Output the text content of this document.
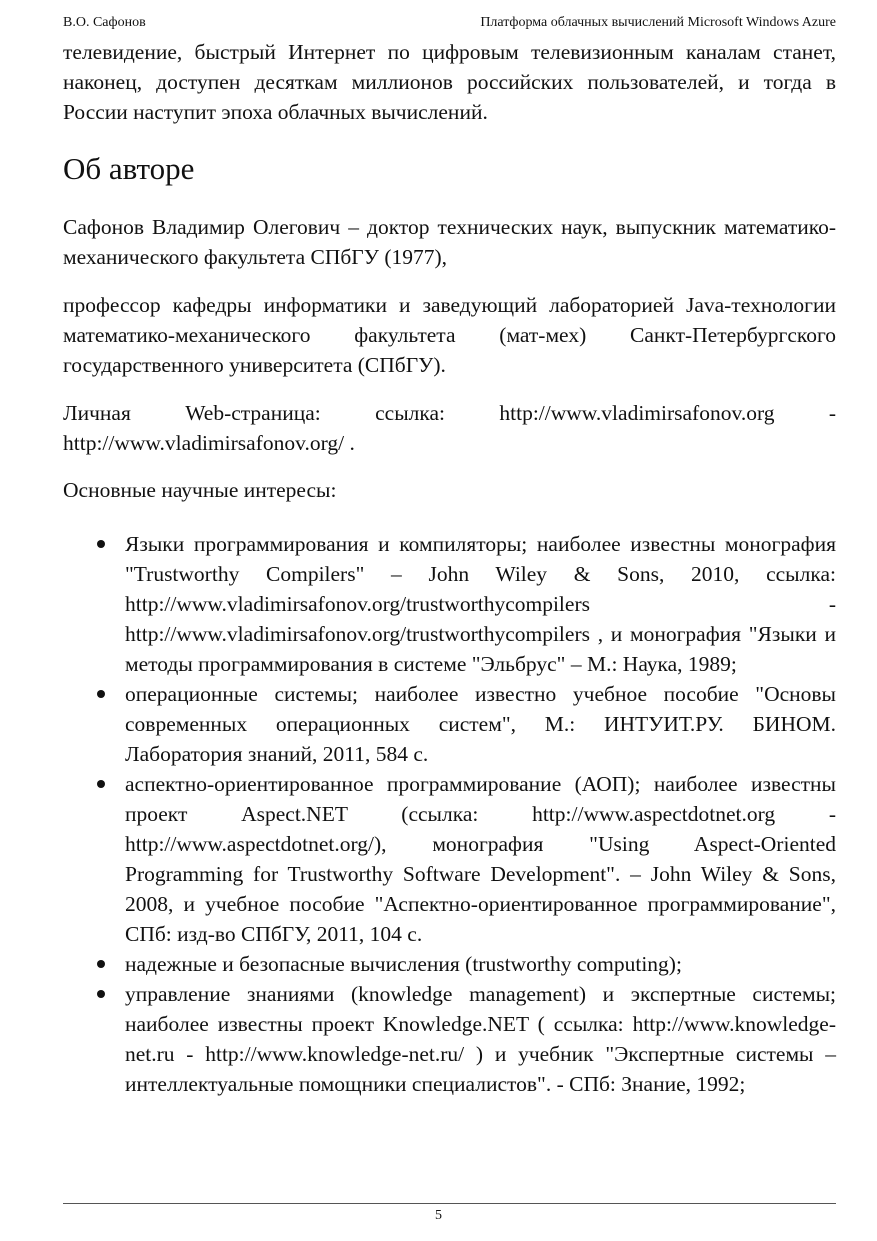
В.О. Сафонов	Платформа облачных вычислений Microsoft Windows Azure

телевидение, быстрый Интернет по цифровым телевизионным каналам станет, наконец, доступен десяткам миллионов российских пользователей, и тогда в России наступит эпоха облачных вычислений.

Об авторе

Сафонов Владимир Олегович – доктор технических наук, выпускник математико-механического факультета СПбГУ (1977),

профессор кафедры информатики и заведующий лабораторией Java-технологии математико-механического факультета (мат-мех) Санкт-Петербургского государственного университета (СПбГУ).

Личная Web-страница: ссылка: http://www.vladimirsafonov.org - http://www.vladimirsafonov.org/ .

Основные научные интересы:

Языки программирования и компиляторы; наиболее известны монография "Trustworthy Compilers" – John Wiley & Sons, 2010, ссылка: http://www.vladimirsafonov.org/trustworthycompilers - http://www.vladimirsafonov.org/trustworthycompilers , и монография "Языки и методы программирования в системе "Эльбрус" – М.: Наука, 1989;
операционные системы; наиболее известно учебное пособие "Основы современных операционных систем", М.: ИНТУИТ.РУ. БИНОМ. Лаборатория знаний, 2011, 584 с.
аспектно-ориентированное программирование (АОП); наиболее известны проект Aspect.NET (ссылка: http://www.aspectdotnet.org - http://www.aspectdotnet.org/), монография "Using Aspect-Oriented Programming for Trustworthy Software Development". – John Wiley & Sons, 2008, и учебное пособие "Аспектно-ориентированное программирование", СПб: изд-во СПбГУ, 2011, 104 с.
надежные и безопасные вычисления (trustworthy computing);
управление знаниями (knowledge management) и экспертные системы; наиболее известны проект Knowledge.NET ( ссылка: http://www.knowledge-net.ru - http://www.knowledge-net.ru/ ) и учебник "Экспертные системы – интеллектуальные помощники специалистов". - СПб: Знание, 1992;
5
